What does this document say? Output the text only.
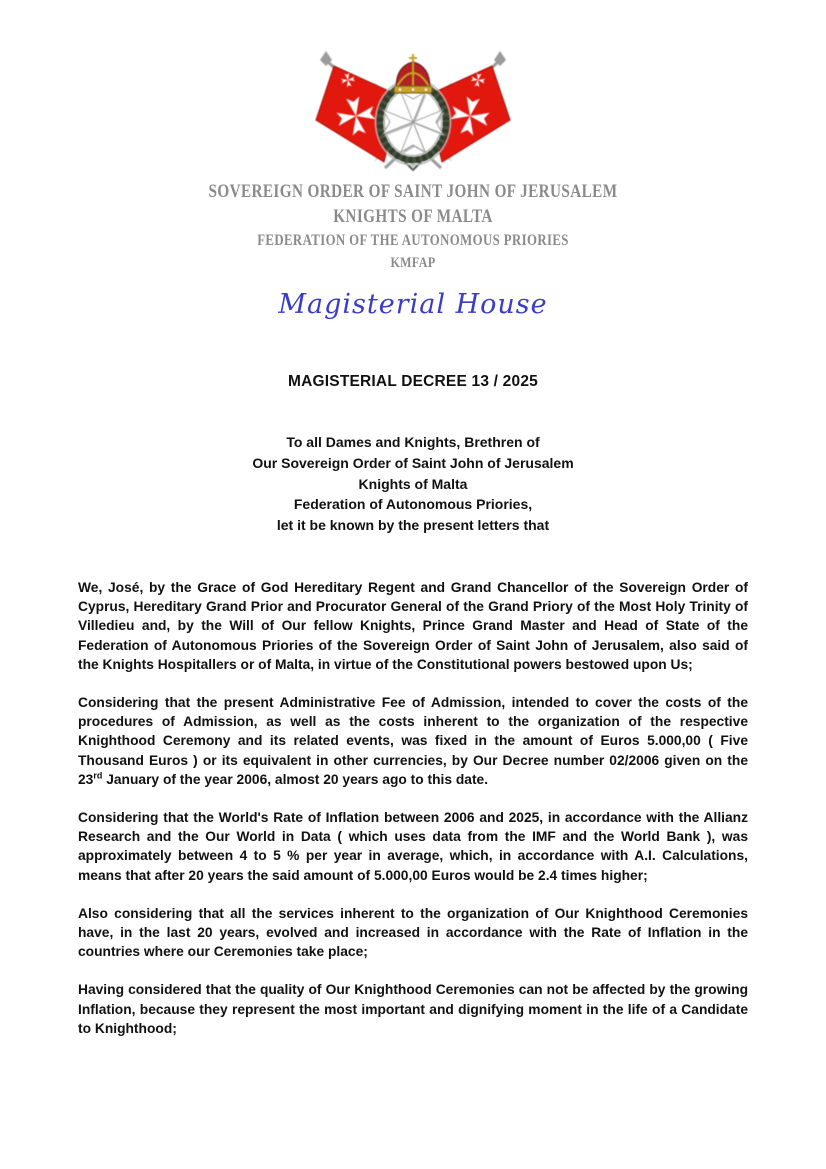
SOVEREIGN ORDER OF SAINT JOHN OF JERUSALEM
KNIGHTS OF MALTA
FEDERATION OF THE AUTONOMOUS PRIORIES
KMFAP
Magisterial House
MAGISTERIAL DECREE 13 / 2025
To all Dames and Knights, Brethren of
Our Sovereign Order of Saint John of Jerusalem
Knights of Malta
Federation of Autonomous Priories,
let it be known by the present letters that

We, José, by the Grace of God Hereditary Regent and Grand Chancellor of the Sovereign Order of Cyprus, Hereditary Grand Prior and Procurator General of the Grand Priory of the Most Holy Trinity of Villedieu and, by the Will of Our fellow Knights, Prince Grand Master and Head of State of the Federation of Autonomous Priories of the Sovereign Order of Saint John of Jerusalem, also said of the Knights Hospitallers or of Malta, in virtue of the Constitutional powers bestowed upon Us;

Considering that the present Administrative Fee of Admission, intended to cover the costs of the procedures of Admission, as well as the costs inherent to the organization of the respective Knighthood Ceremony and its related events, was fixed in the amount of Euros 5.000,00 ( Five Thousand Euros ) or its equivalent in other currencies, by Our Decree number 02/2006 given on the 23rd January of the year 2006, almost 20 years ago to this date.

Considering that the World's Rate of Inflation between 2006 and 2025, in accordance with the Allianz Research and the Our World in Data ( which uses data from the IMF and the World Bank ), was approximately between 4 to 5 % per year in average, which, in accordance with A.I. Calculations, means that after 20 years the said amount of 5.000,00 Euros would be 2.4 times higher;

Also considering that all the services inherent to the organization of Our Knighthood Ceremonies have, in the last 20 years, evolved and increased in accordance with the Rate of Inflation in the countries where our Ceremonies take place;

Having considered that the quality of Our Knighthood Ceremonies can not be affected by the growing Inflation, because they represent the most important and dignifying moment in the life of a Candidate to Knighthood;
